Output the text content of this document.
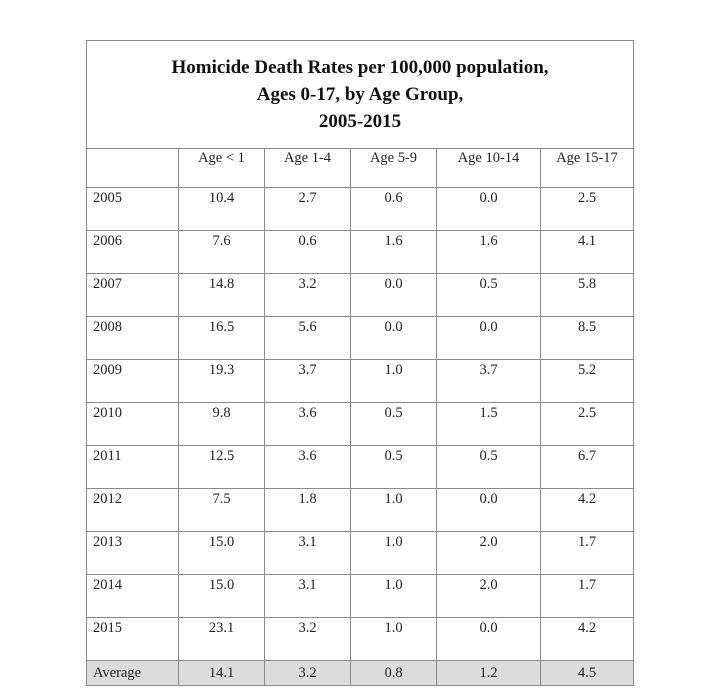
Homicide Death Rates per 100,000 population,
Ages 0-17, by Age Group,
2005-2015					

	Age < 1	Age 1-4	Age 5-9	Age 10-14	Age 15-17
2005	10.4	2.7	0.6	0.0	2.5
2006	7.6	0.6	1.6	1.6	4.1
2007	14.8	3.2	0.0	0.5	5.8
2008	16.5	5.6	0.0	0.0	8.5
2009	19.3	3.7	1.0	3.7	5.2
2010	9.8	3.6	0.5	1.5	2.5
2011	12.5	3.6	0.5	0.5	6.7
2012	7.5	1.8	1.0	0.0	4.2
2013	15.0	3.1	1.0	2.0	1.7
2014	15.0	3.1	1.0	2.0	1.7
2015	23.1	3.2	1.0	0.0	4.2
Average	14.1	3.2	0.8	1.2	4.5
